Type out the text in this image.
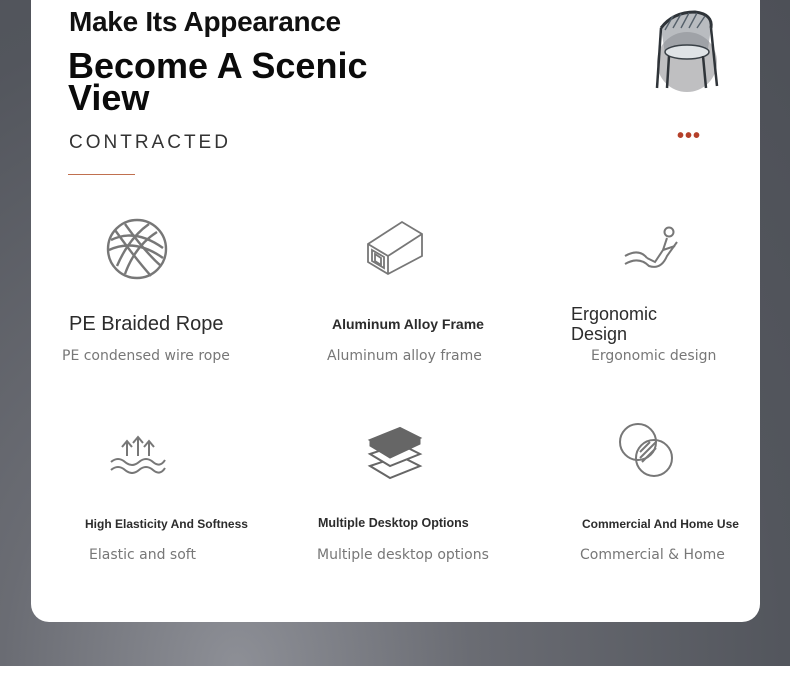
Make Its Appearance
Become A Scenic View
CONTRACTED	•••
PE Braided Rope
PE condensed wire rope
Aluminum Alloy Frame
Aluminum alloy frame
Ergonomic Design
Ergonomic design
High Elasticity And Softness
Elastic and soft
Multiple Desktop Options
Multiple desktop options
Commercial And Home Use
Commercial & Home
